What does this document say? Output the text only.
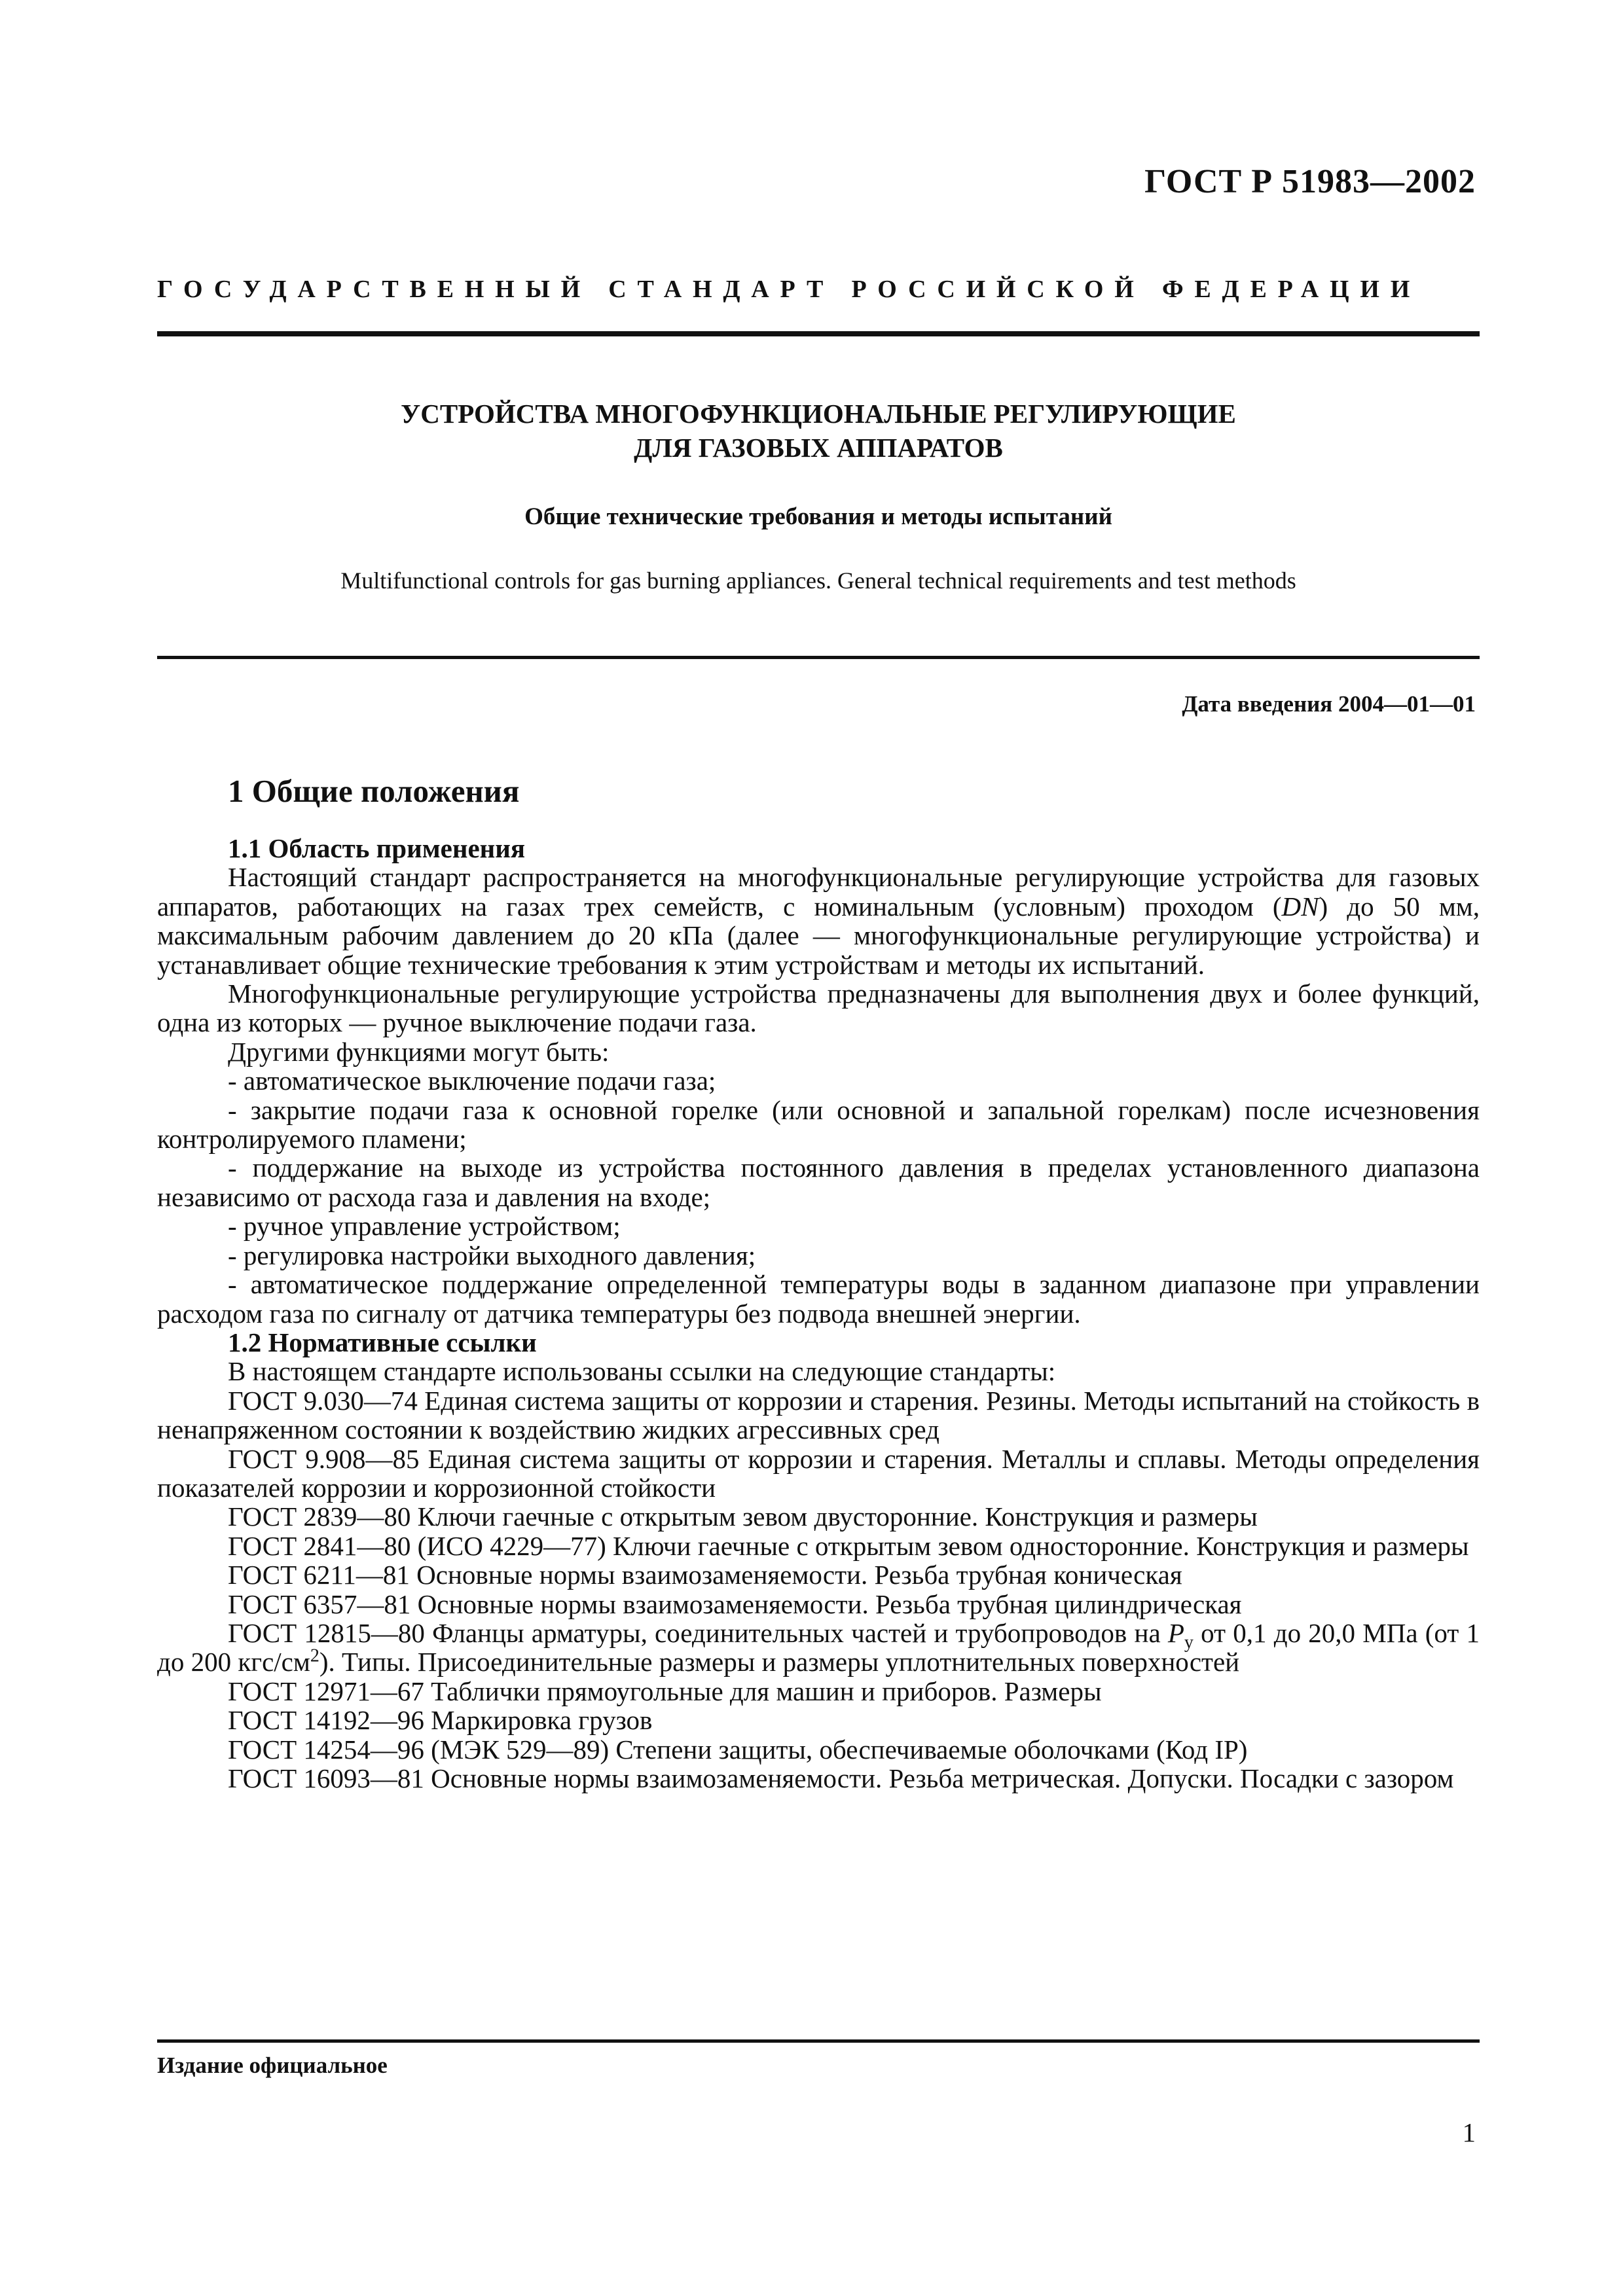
ГОСТ Р 51983—2002
ГОСУДАРСТВЕННЫЙ СТАНДАРТ РОССИЙСКОЙ ФЕДЕРАЦИИ
УСТРОЙСТВА МНОГОФУНКЦИОНАЛЬНЫЕ РЕГУЛИРУЮЩИЕ
ДЛЯ ГАЗОВЫХ АППАРАТОВ
Общие технические требования и методы испытаний
Multifunctional controls for gas burning appliances. General technical requirements and test methods
Дата введения 2004—01—01
1 Общие положения

1.1 Область применения

Настоящий стандарт распространяется на многофункциональные регулирующие устройства для газовых аппаратов, работающих на газах трех семейств, с номинальным (условным) проходом (DN) до 50 мм, максимальным рабочим давлением до 20 кПа (далее — многофункциональные регулирующие устройства) и устанавливает общие технические требования к этим устройствам и методы их испытаний.

Многофункциональные регулирующие устройства предназначены для выполнения двух и более функций, одна из которых — ручное выключение подачи газа.

Другими функциями могут быть:

- автоматическое выключение подачи газа;

- закрытие подачи газа к основной горелке (или основной и запальной горелкам) после исчезновения контролируемого пламени;

- поддержание на выходе из устройства постоянного давления в пределах установленного диапазона независимо от расхода газа и давления на входе;

- ручное управление устройством;

- регулировка настройки выходного давления;

- автоматическое поддержание определенной температуры воды в заданном диапазоне при управлении расходом газа по сигналу от датчика температуры без подвода внешней энергии.

1.2 Нормативные ссылки

В настоящем стандарте использованы ссылки на следующие стандарты:

ГОСТ 9.030—74 Единая система защиты от коррозии и старения. Резины. Методы испытаний на стойкость в ненапряженном состоянии к воздействию жидких агрессивных сред

ГОСТ 9.908—85 Единая система защиты от коррозии и старения. Металлы и сплавы. Методы определения показателей коррозии и коррозионной стойкости

ГОСТ 2839—80 Ключи гаечные с открытым зевом двусторонние. Конструкция и размеры

ГОСТ 2841—80 (ИСО 4229—77) Ключи гаечные с открытым зевом односторонние. Конструкция и размеры

ГОСТ 6211—81 Основные нормы взаимозаменяемости. Резьба трубная коническая

ГОСТ 6357—81 Основные нормы взаимозаменяемости. Резьба трубная цилиндрическая

ГОСТ 12815—80 Фланцы арматуры, соединительных частей и трубопроводов на $P_y$ от 0,1 до 20,0 МПа (от 1 до 200 кгс/$см^2$). Типы. Присоединительные размеры и размеры уплотнительных поверхностей

ГОСТ 12971—67 Таблички прямоугольные для машин и приборов. Размеры

ГОСТ 14192—96 Маркировка грузов

ГОСТ 14254—96 (МЭК 529—89) Степени защиты, обеспечиваемые оболочками (Код IP)

ГОСТ 16093—81 Основные нормы взаимозаменяемости. Резьба метрическая. Допуски. Посадки с зазором

Издание официальное
1
